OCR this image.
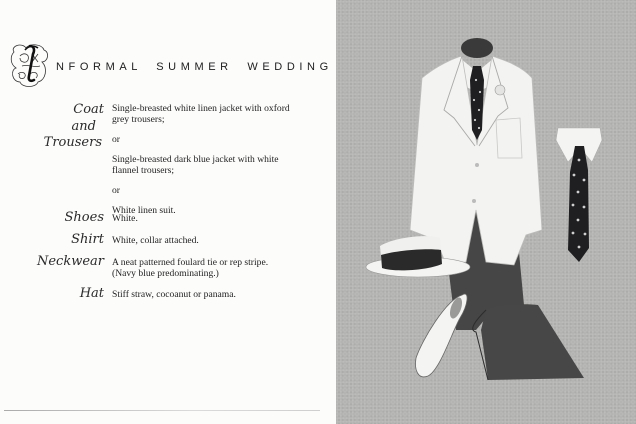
NFORMAL SUMMER WEDDING
Coat
and
Trousers

Single-breasted white linen jacket with oxford grey trousers;

or

Single-breasted dark blue jacket with white flannel trousers;

or

White linen suit.

Shoes White.

Shirt White, collar attached.

Neckwear A neat patterned foulard tie or rep stripe. (Navy blue predominating.)

Hat Stiff straw, cocoanut or panama.
